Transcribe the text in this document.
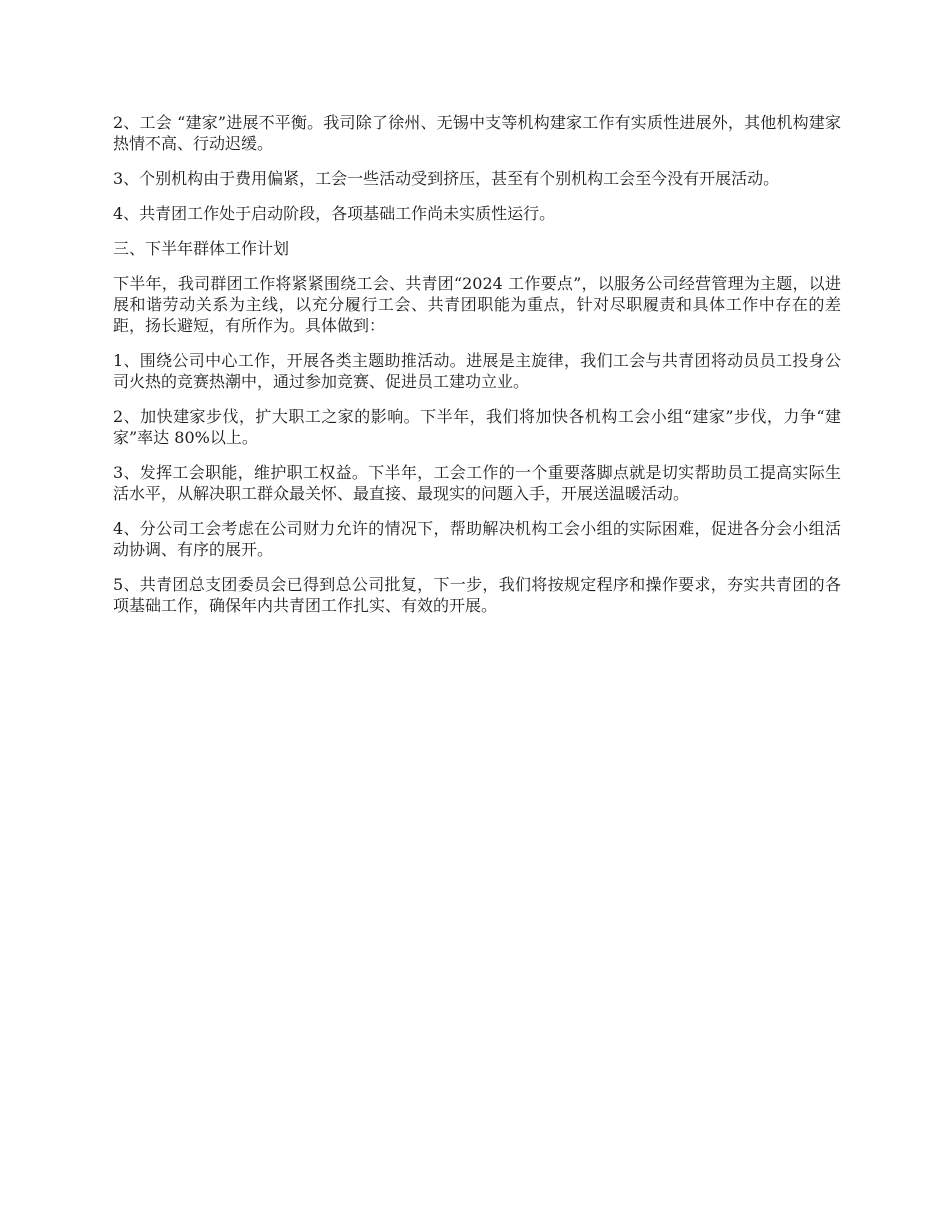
2、工会 “建家”进展不平衡。我司除了徐州、无锡中支等机构建家工作有实质性进展外，其他机构建家热情不高、行动迟缓。

3、个别机构由于费用偏紧，工会一些活动受到挤压，甚至有个别机构工会至今没有开展活动。

4、共青团工作处于启动阶段，各项基础工作尚未实质性运行。

三、下半年群体工作计划

下半年，我司群团工作将紧紧围绕工会、共青团“2024 工作要点”，以服务公司经营管理为主题，以进展和谐劳动关系为主线，以充分履行工会、共青团职能为重点，针对尽职履责和具体工作中存在的差距，扬长避短，有所作为。具体做到：

1、围绕公司中心工作，开展各类主题助推活动。进展是主旋律，我们工会与共青团将动员员工投身公司火热的竞赛热潮中，通过参加竞赛、促进员工建功立业。

2、加快建家步伐，扩大职工之家的影响。下半年，我们将加快各机构工会小组“建家”步伐，力争“建家”率达 80%以上。

3、发挥工会职能，维护职工权益。下半年，工会工作的一个重要落脚点就是切实帮助员工提高实际生活水平，从解决职工群众最关怀、最直接、最现实的问题入手，开展送温暖活动。

4、分公司工会考虑在公司财力允许的情况下，帮助解决机构工会小组的实际困难，促进各分会小组活动协调、有序的展开。

5、共青团总支团委员会已得到总公司批复，下一步，我们将按规定程序和操作要求，夯实共青团的各项基础工作，确保年内共青团工作扎实、有效的开展。
